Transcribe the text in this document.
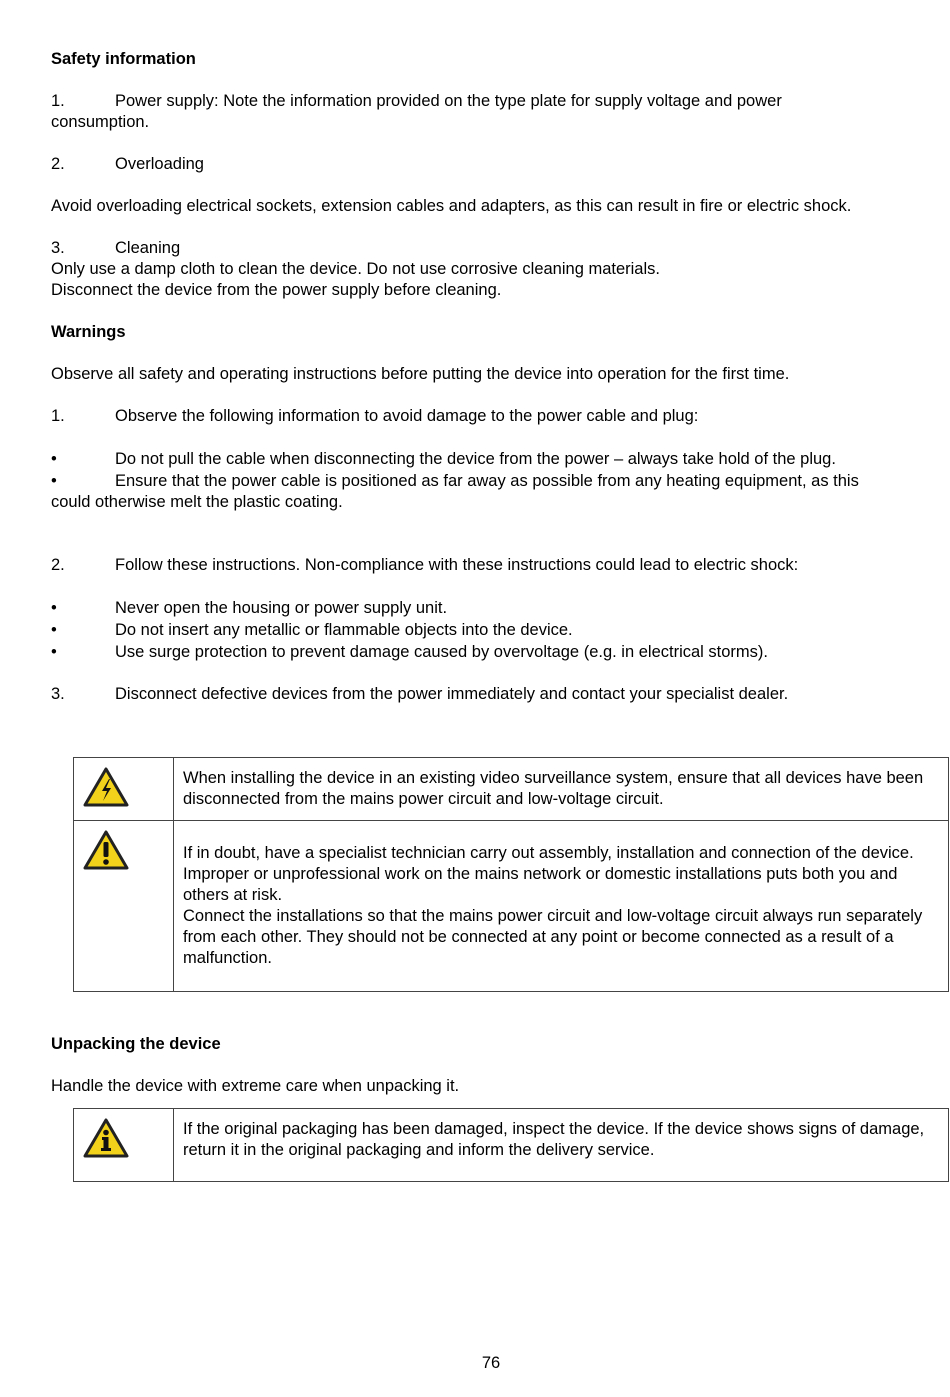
Safety information

1.	Power supply: Note the information provided on the type plate for supply voltage and power

consumption.

2.	Overloading

Avoid overloading electrical sockets, extension cables and adapters, as this can result in fire or electric shock.

3.	Cleaning

Only use a damp cloth to clean the device. Do not use corrosive cleaning materials.

Disconnect the device from the power supply before cleaning.

Warnings

Observe all safety and operating instructions before putting the device into operation for the first time.

1.	Observe the following information to avoid damage to the power cable and plug:

•	Do not pull the cable when disconnecting the device from the power – always take hold of the plug.

•	Ensure that the power cable is positioned as far away as possible from any heating equipment, as this

could otherwise melt the plastic coating.

2.	Follow these instructions. Non-compliance with these instructions could lead to electric shock:

•	Never open the housing or power supply unit.

•	Do not insert any metallic or flammable objects into the device.

•	Use surge protection to prevent damage caused by overvoltage (e.g. in electrical storms).

3.	Disconnect defective devices from the power immediately and contact your specialist dealer.

When installing the device in an existing video surveillance system, ensure that all devices have been disconnected from the mains power circuit and low-voltage circuit.

If in doubt, have a specialist technician carry out assembly, installation and connection of the device. Improper or unprofessional work on the mains network or domestic installations puts both you and others at risk.

Connect the installations so that the mains power circuit and low-voltage circuit always run separately from each other. They should not be connected at any point or become connected as a result of a malfunction.

Unpacking the device

Handle the device with extreme care when unpacking it.

If the original packaging has been damaged, inspect the device. If the device shows signs of damage, return it in the original packaging and inform the delivery service.

76
